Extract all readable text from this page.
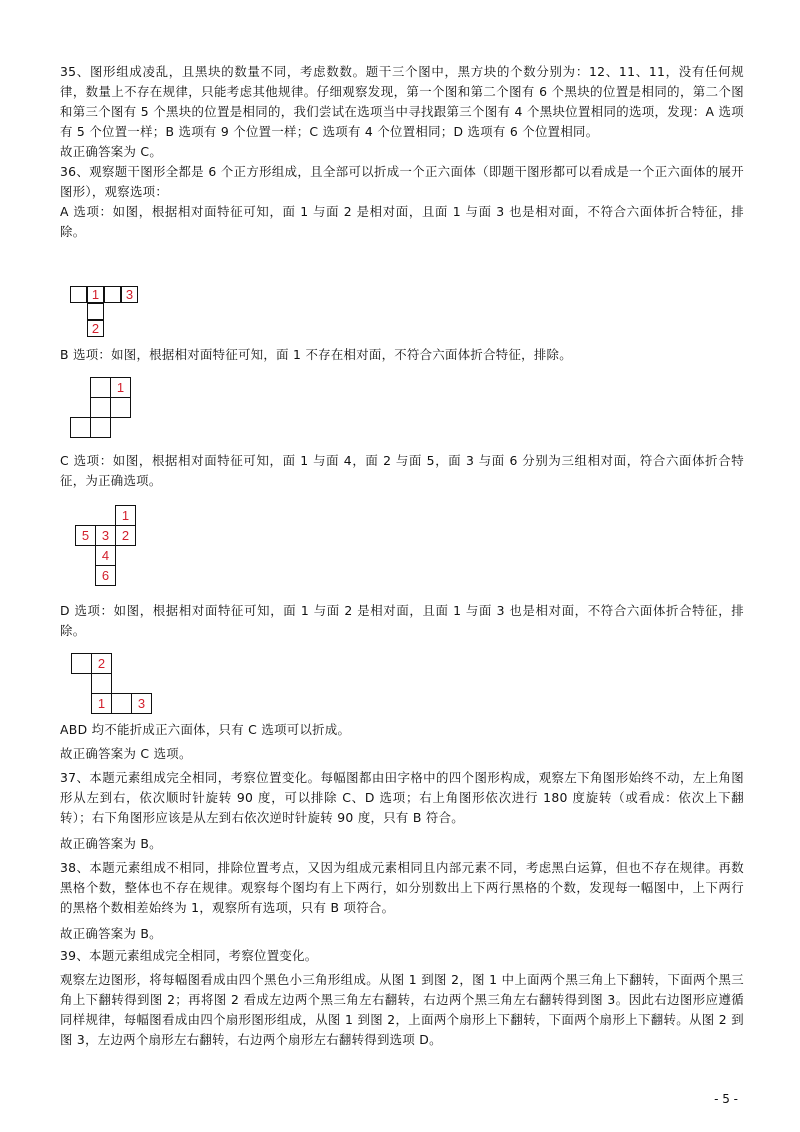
35、图形组成凌乱，且黑块的数量不同，考虑数数。题干三个图中，黑方块的个数分别为：12、11、11，没有任何规律，数量上不存在规律，只能考虑其他规律。仔细观察发现，第一个图和第二个图有 6 个黑块的位置是相同的，第二个图和第三个图有 5 个黑块的位置是相同的，我们尝试在选项当中寻找跟第三个图有 4 个黑块位置相同的选项，发现：A 选项有 5 个位置一样；B 选项有 9 个位置一样；C 选项有 4 个位置相同；D 选项有 6 个位置相同。

故正确答案为 C。

36、观察题干图形全都是 6 个正方形组成，且全部可以折成一个正六面体（即题干图形都可以看成是一个正六面体的展开图形），观察选项：

A 选项：如图，根据相对面特征可知，面 1 与面 2 是相对面，且面 1 与面 3 也是相对面，不符合六面体折合特征，排除。

1	3
2

B 选项：如图，根据相对面特征可知，面 1 不存在相对面，不符合六面体折合特征，排除。

1

C 选项：如图，根据相对面特征可知，面 1 与面 4，面 2 与面 5，面 3 与面 6 分别为三组相对面，符合六面体折合特征，为正确选项。

1
5 3 2
4
6

D 选项：如图，根据相对面特征可知，面 1 与面 2 是相对面，且面 1 与面 3 也是相对面，不符合六面体折合特征，排除。

2
1	3

ABD 均不能折成正六面体，只有 C 选项可以折成。

故正确答案为 C 选项。

37、本题元素组成完全相同，考察位置变化。每幅图都由田字格中的四个图形构成，观察左下角图形始终不动，左上角图形从左到右，依次顺时针旋转 90 度，可以排除 C、D 选项；右上角图形依次进行 180 度旋转（或看成：依次上下翻转）；右下角图形应该是从左到右依次逆时针旋转 90 度，只有 B 符合。

故正确答案为 B。

38、本题元素组成不相同，排除位置考点，又因为组成元素相同且内部元素不同，考虑黑白运算，但也不存在规律。再数黑格个数，整体也不存在规律。观察每个图均有上下两行，如分别数出上下两行黑格的个数，发现每一幅图中，上下两行的黑格个数相差始终为 1，观察所有选项，只有 B 项符合。

故正确答案为 B。

39、本题元素组成完全相同，考察位置变化。

观察左边图形，将每幅图看成由四个黑色小三角形组成。从图 1 到图 2，图 1 中上面两个黑三角上下翻转，下面两个黑三角上下翻转得到图 2；再将图 2 看成左边两个黑三角左右翻转，右边两个黑三角左右翻转得到图 3。因此右边图形应遵循同样规律，每幅图看成由四个扇形图形组成，从图 1 到图 2，上面两个扇形上下翻转，下面两个扇形上下翻转。从图 2 到图 3，左边两个扇形左右翻转，右边两个扇形左右翻转得到选项 D。

- 5 -
